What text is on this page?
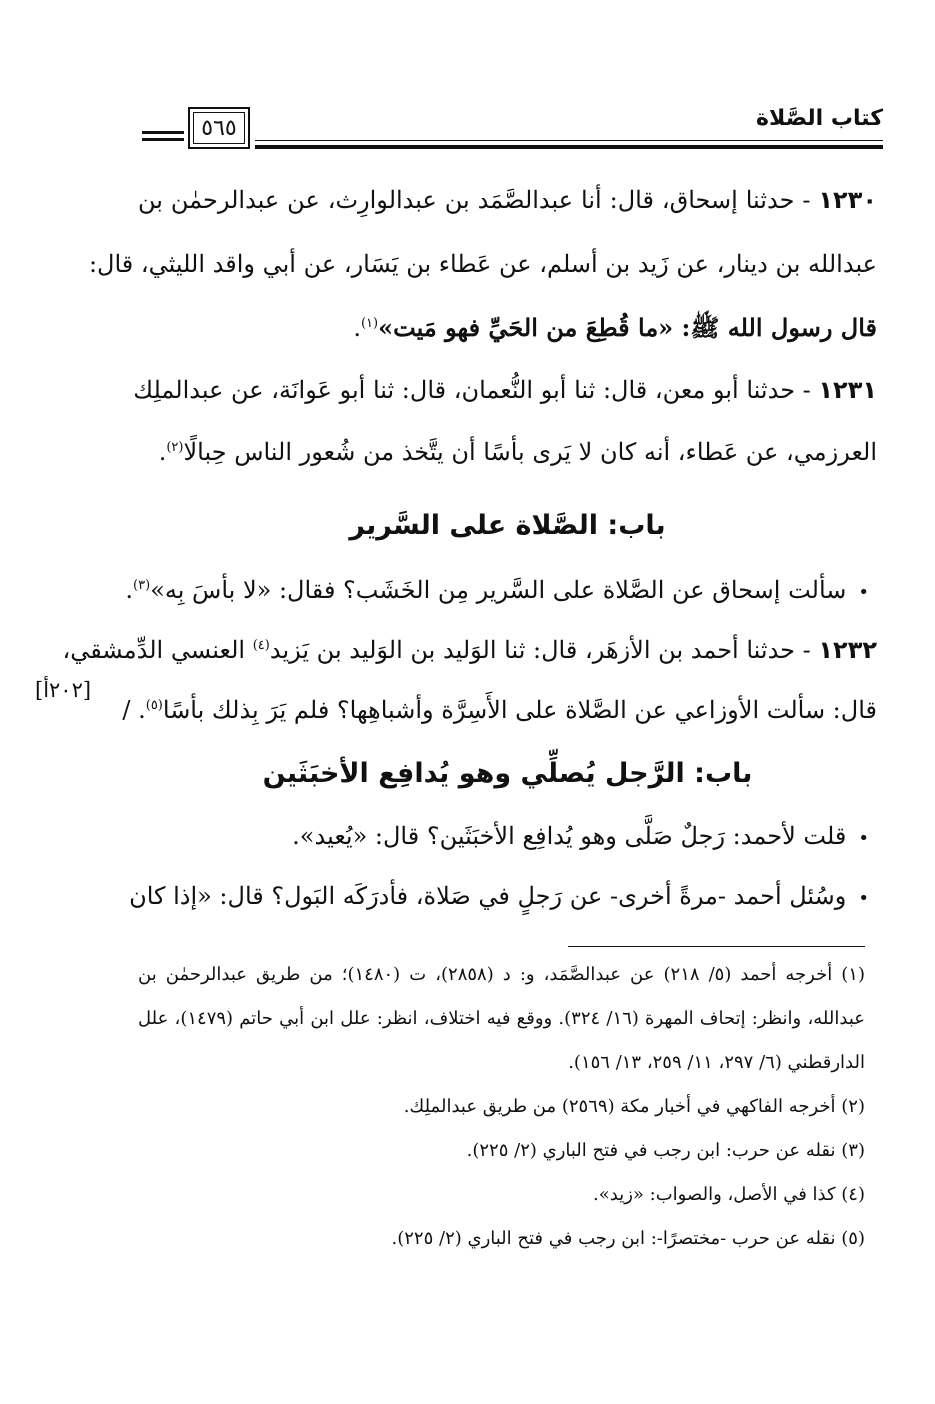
كتاب الصَّلاة
٥٦٥
١٢٣٠ - حدثنا إسحاق، قال: أنا عبدالصَّمَد بن عبدالوارِث، عن عبدالرحمٰن بن
عبدالله بن دينار، عن زَيد بن أسلم، عن عَطاء بن يَسَار، عن أبي واقد الليثي، قال:
قال رسول الله ﷺ: «ما قُطِعَ من الحَيِّ فهو مَيت»$^{(١)}$.
١٢٣١ - حدثنا أبو معن، قال: ثنا أبو النُّعمان، قال: ثنا أبو عَوانَة، عن عبدالملِك
العرزمي، عن عَطاء، أنه كان لا يَرى بأسًا أن يتَّخذ من شُعور الناس حِبالًا$^{(٢)}$.
باب: الصَّلاة على السَّرير
•سألت إسحاق عن الصَّلاة على السَّرير مِن الخَشَب؟ فقال: «لا بأسَ بِه»$^{(٣)}$.
١٢٣٢ - حدثنا أحمد بن الأزهَر، قال: ثنا الوَليد بن الوَليد بن يَزيد$^{(٤)}$ العنسي الدِّمشقي،
قال: سألت الأوزاعي عن الصَّلاة على الأَسِرَّة وأشباهِها؟ فلم يَرَ بِذلك بأسًا$^{(٥)}$. /
[٢٠٢أ]
باب: الرَّجل يُصلِّي وهو يُدافِع الأخبَثَين
•قلت لأحمد: رَجلٌ صَلَّى وهو يُدافِع الأخبَثَين؟ قال: «يُعيد».
•وسُئل أحمد -مرةً أخرى- عن رَجلٍ في صَلاة، فأدرَكَه البَول؟ قال: «إذا كان
(١) أخرجه أحمد (٥/ ٢١٨) عن عبدالصَّمَد، و: د (٢٨٥٨)، ت (١٤٨٠)؛ من طريق عبدالرحمٰن بن
عبدالله، وانظر: إتحاف المهرة (١٦/ ٣٢٤). ووقع فيه اختلاف، انظر: علل ابن أبي حاتم (١٤٧٩)، علل
الدارقطني (٦/ ٢٩٧، ١١/ ٢٥٩، ١٣/ ١٥٦).
(٢) أخرجه الفاكهي في أخبار مكة (٢٥٦٩) من طريق عبدالملِك.
(٣) نقله عن حرب: ابن رجب في فتح الباري (٢/ ٢٢٥).
(٤) كذا في الأصل، والصواب: «زيد».
(٥) نقله عن حرب -مختصرًا-: ابن رجب في فتح الباري (٢/ ٢٢٥).
